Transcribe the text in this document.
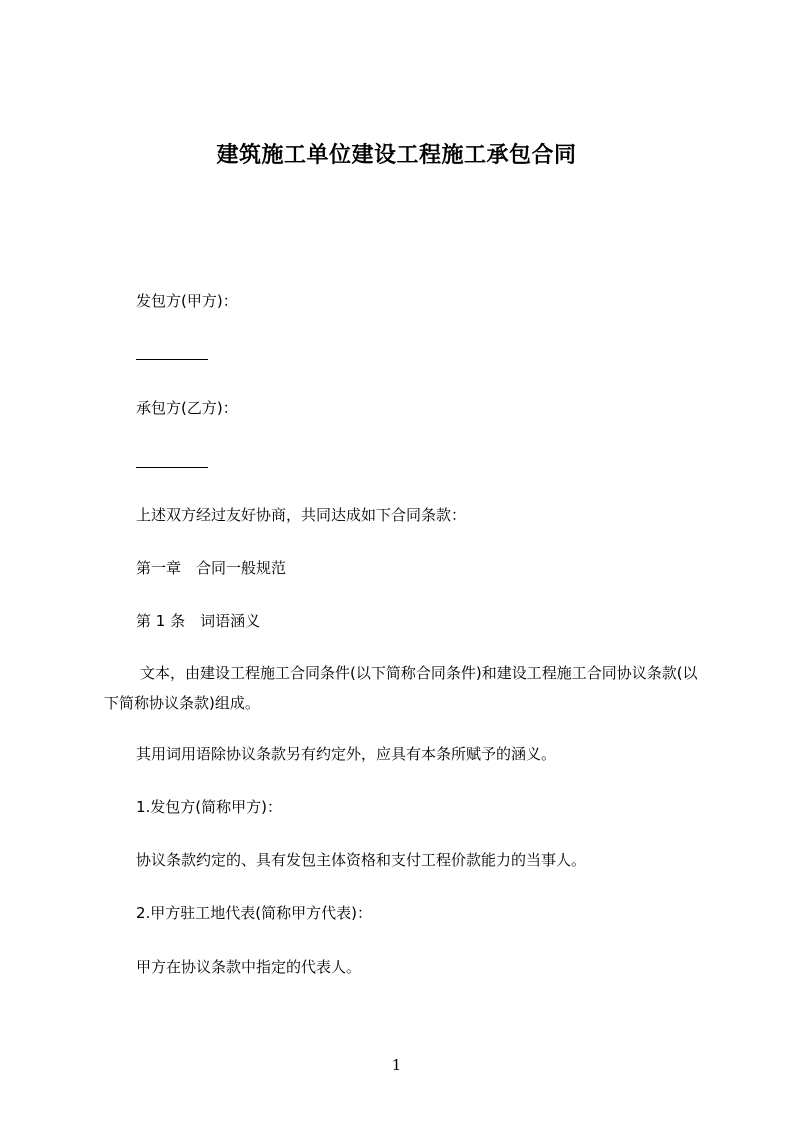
建筑施工单位建设工程施工承包合同
发包方(甲方)：
承包方(乙方)：
上述双方经过友好协商，共同达成如下合同条款：
第一章　合同一般规范
第 1 条　词语涵义
文本，由建设工程施工合同条件(以下简称合同条件)和建设工程施工合同协议条款(以下简称协议条款)组成。
其用词用语除协议条款另有约定外，应具有本条所赋予的涵义。
1.发包方(简称甲方)：
协议条款约定的、具有发包主体资格和支付工程价款能力的当事人。
2.甲方驻工地代表(简称甲方代表)：
甲方在协议条款中指定的代表人。
1
